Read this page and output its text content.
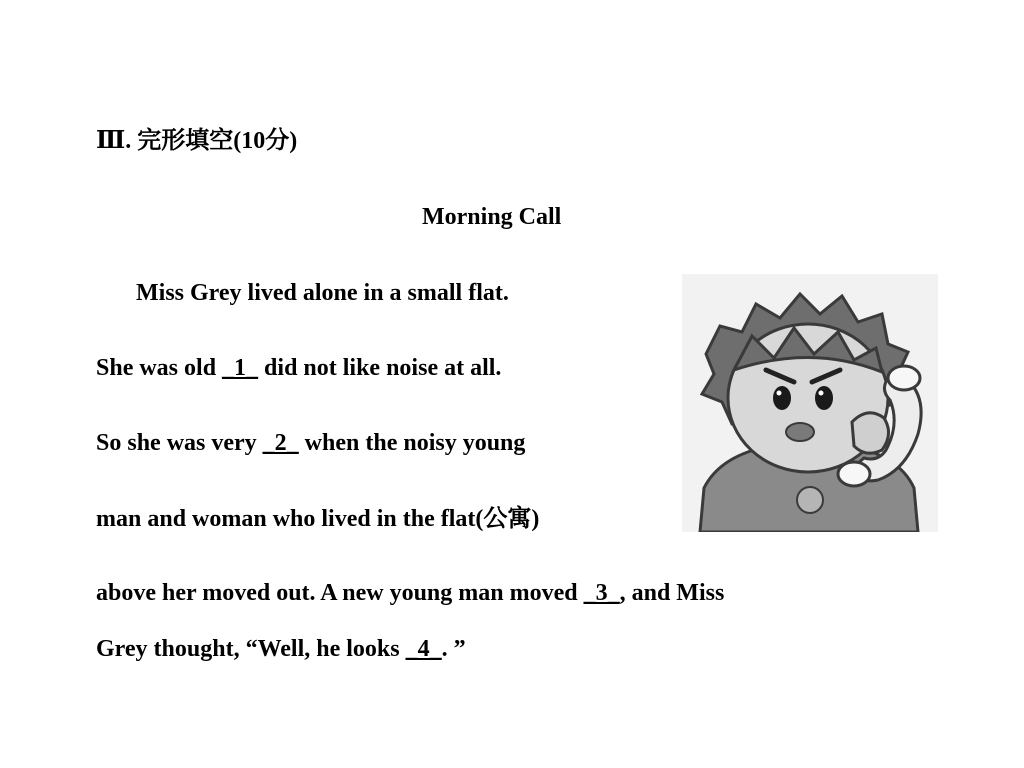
Ⅲ. 完形填空(10分)
Morning Call
Miss Grey lived alone in a small flat.
She was old _1_ did not like noise at all.
So she was very _2_ when the noisy young
man and woman who lived in the flat(公寓)
above her moved out. A new young man moved _3_, and Miss
Grey thought, “Well, he looks _4_. ”
